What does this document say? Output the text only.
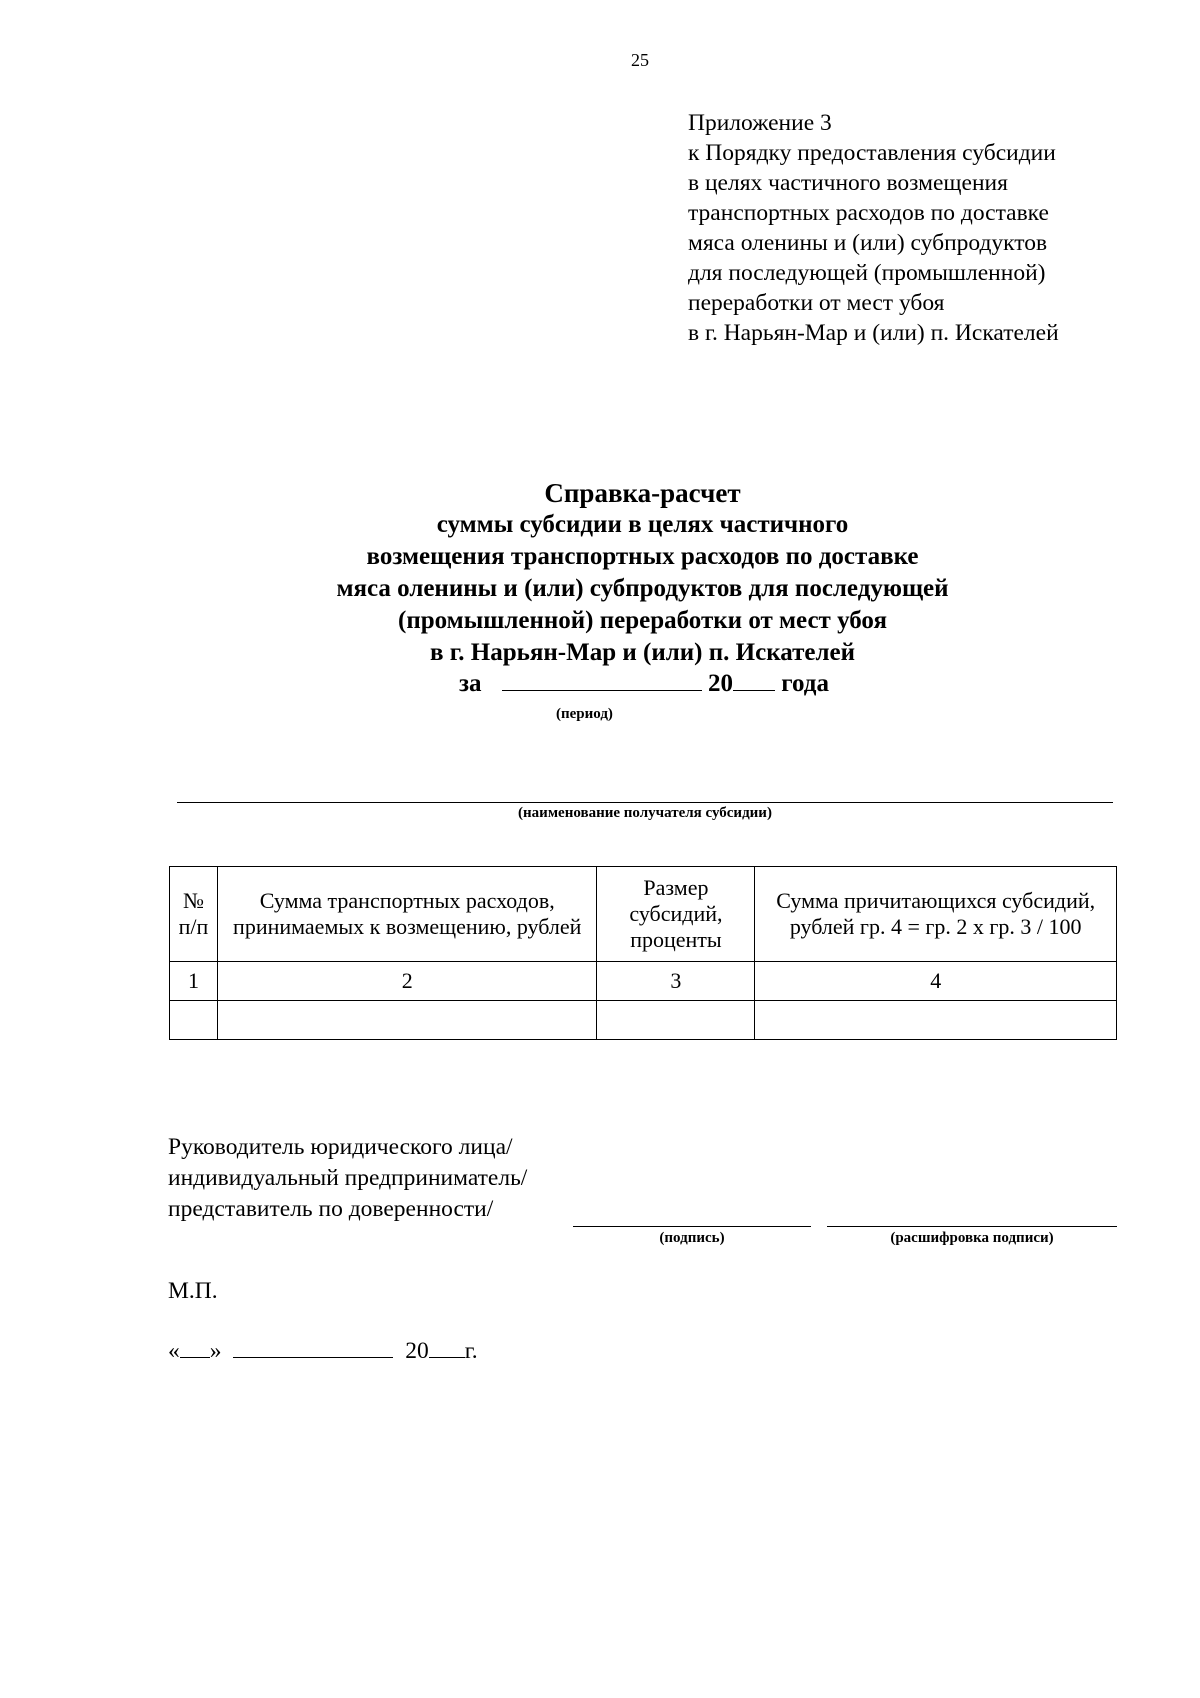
25
Приложение 3
к Порядку предоставления субсидии
в целях частичного возмещения
транспортных расходов по доставке
мяса оленины и (или) субпродуктов
для последующей (промышленной)
переработки от мест убоя
в г. Нарьян-Мар и (или) п. Искателей
Справка-расчет
суммы субсидии в целях частичного
возмещения транспортных расходов по доставке
мяса оленины и (или) субпродуктов для последующей
(промышленной) переработки от мест убоя
в г. Нарьян-Мар и (или) п. Искателей
за	20 года
(период)
(наименование получателя субсидии)
№ п/п	Сумма транспортных расходов, принимаемых к возмещению, рублей	Размер субсидий, проценты	Сумма причитающихся субсидий, рублей гр. 4 = гр. 2 х гр. 3 / 100
1	2	3	4

Руководитель юридического лица/
индивидуальный предприниматель/
представитель по доверенности/
(подпись)	(расшифровка подписи)
М.П.
« »	20 г.
